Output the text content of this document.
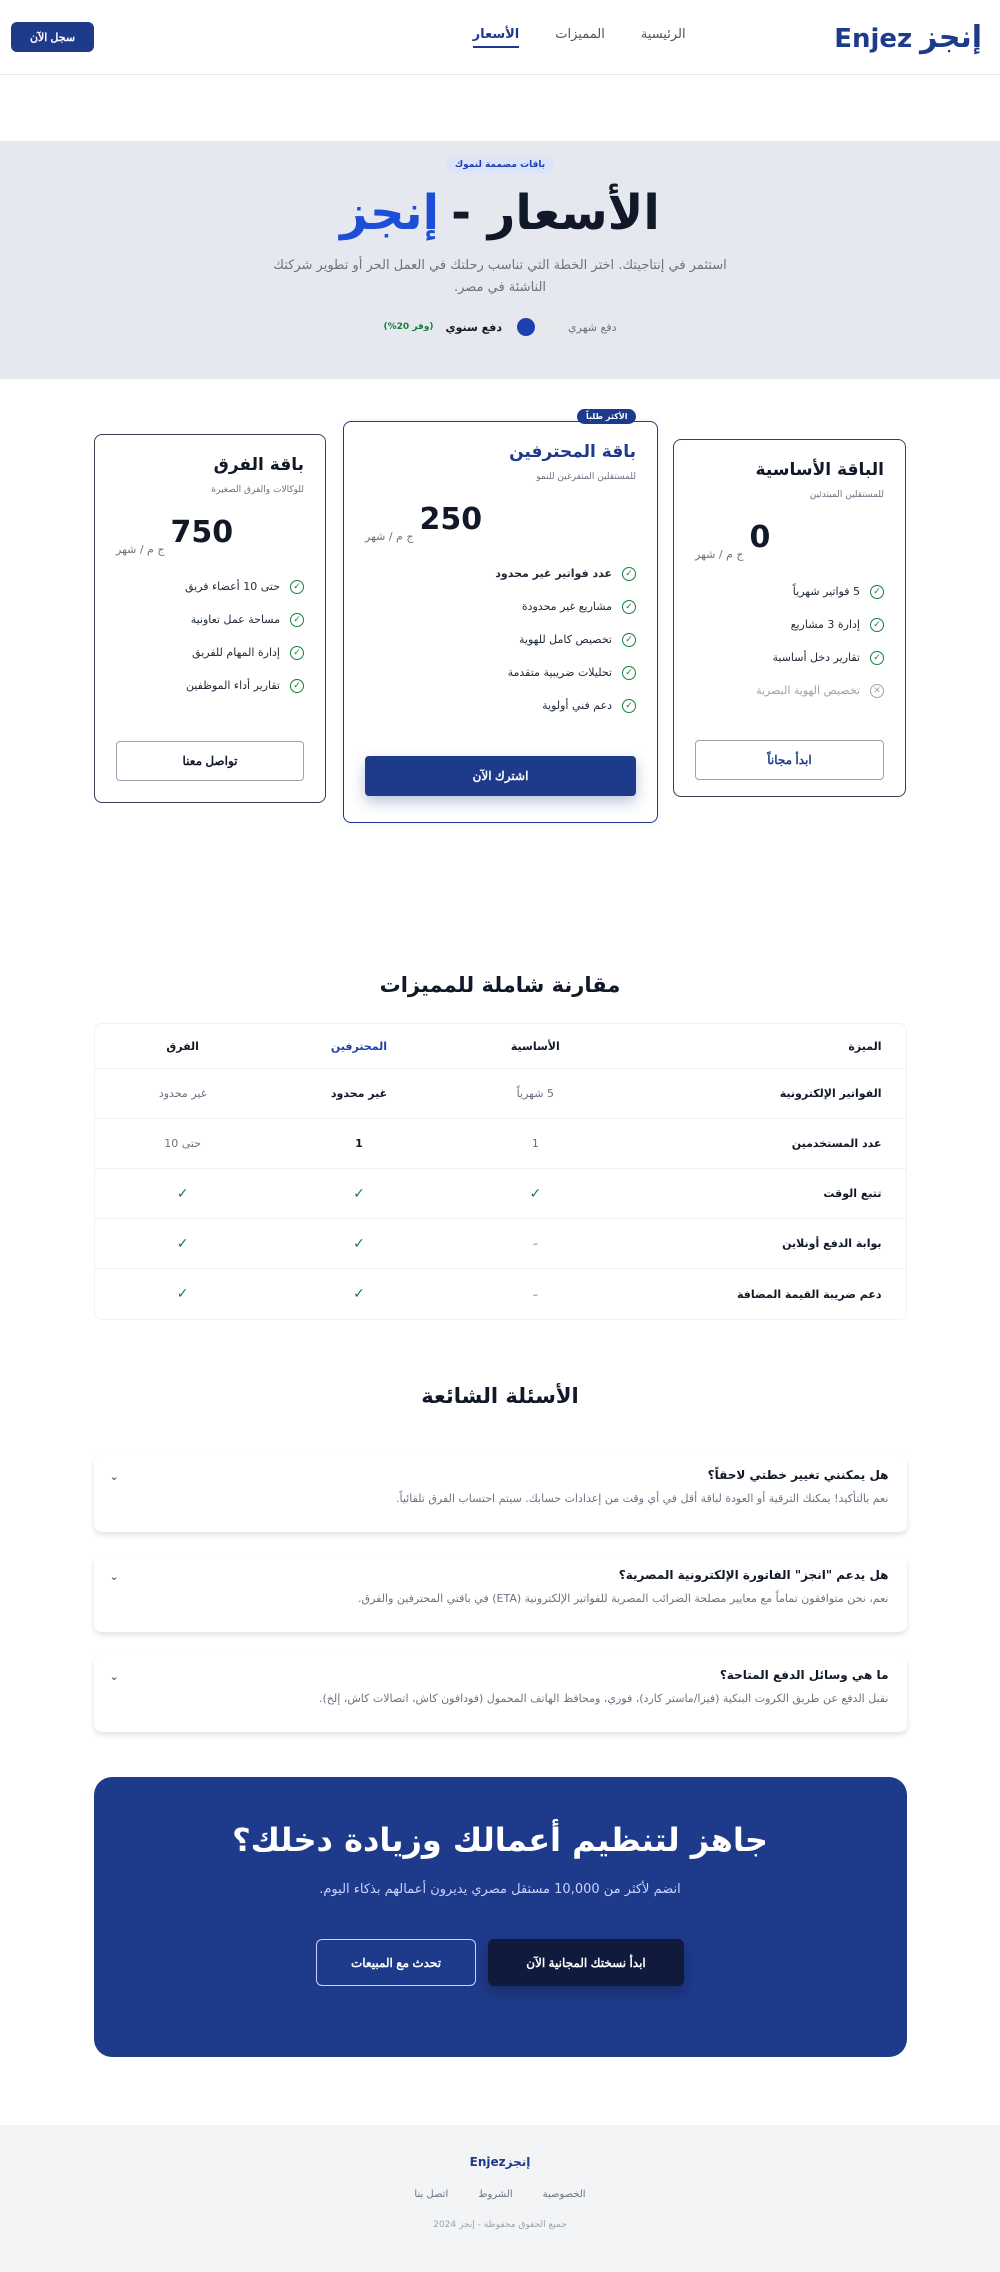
إنجز
Enjez
الرئيسية
المميزات
الأسعار
سجل الآن
باقات مصممة لنموك
الأسعار -
إنجز

استثمر في إنتاجيتك. اختر الخطة التي تناسب رحلتك في العمل الحر أو تطوير شركتك الناشئة في مصر.

دفع شهري
دفع سنوي
(وفر 20%)
الباقة الأساسية
للمستقلين المبتدئين
0
ج م / شهر
✓
5 فواتير شهرياً
✓
إدارة 3 مشاريع
✓
تقارير دخل أساسية
✕
تخصيص الهوية البصرية
ابدأ مجاناً
الأكثر طلباً
باقة المحترفين
للمستقلين المتفرغين للنمو
250
ج م / شهر
✓
عدد فواتير غير محدود
✓
مشاريع غير محدودة
✓
تخصيص كامل للهوية
✓
تحليلات ضريبية متقدمة
✓
دعم فني أولوية
اشترك الآن
باقة الفرق
للوكالات والفرق الصغيرة
750
ج م / شهر
✓
حتى 10 أعضاء فريق
✓
مساحة عمل تعاونية
✓
إدارة المهام للفريق
✓
تقارير أداء الموظفين
تواصل معنا
مقارنة شاملة للمميزات
الميزة
الأساسية
المحترفين
الفرق
الفواتير الإلكترونية
5 شهرياً
غير محدود
غير محدود
عدد المستخدمين
1
1
حتى 10
تتبع الوقت
✓
✓
✓
بوابة الدفع أونلاين
–
✓
✓
دعم ضريبة القيمة المضافة
–
✓
✓
الأسئلة الشائعة
هل يمكنني تغيير خطتي لاحقاً؟
نعم بالتأكيد! يمكنك الترقية أو العودة لباقة أقل في أي وقت من إعدادات حسابك. سيتم احتساب الفرق تلقائياً.
⌄
هل يدعم "انجز" الفاتورة الإلكترونية المصرية؟
نعم، نحن متوافقون تماماً مع معايير مصلحة الضرائب المصرية للفواتير الإلكترونية (ETA) في باقتي المحترفين والفرق.
⌄
ما هي وسائل الدفع المتاحة؟
نقبل الدفع عن طريق الكروت البنكية (فيزا/ماستر كارد)، فوري، ومحافظ الهاتف المحمول (فودافون كاش، اتصالات كاش، إلخ).
⌄
جاهز لتنظيم أعمالك وزيادة دخلك؟

انضم لأكثر من 10,000 مستقل مصري يديرون أعمالهم بذكاء اليوم.

ابدأ نسختك المجانية الآن
تحدث مع المبيعات
إنجزEnjez
الخصوصية
الشروط
اتصل بنا
جميع الحقوق محفوظة - إنجز 2024
